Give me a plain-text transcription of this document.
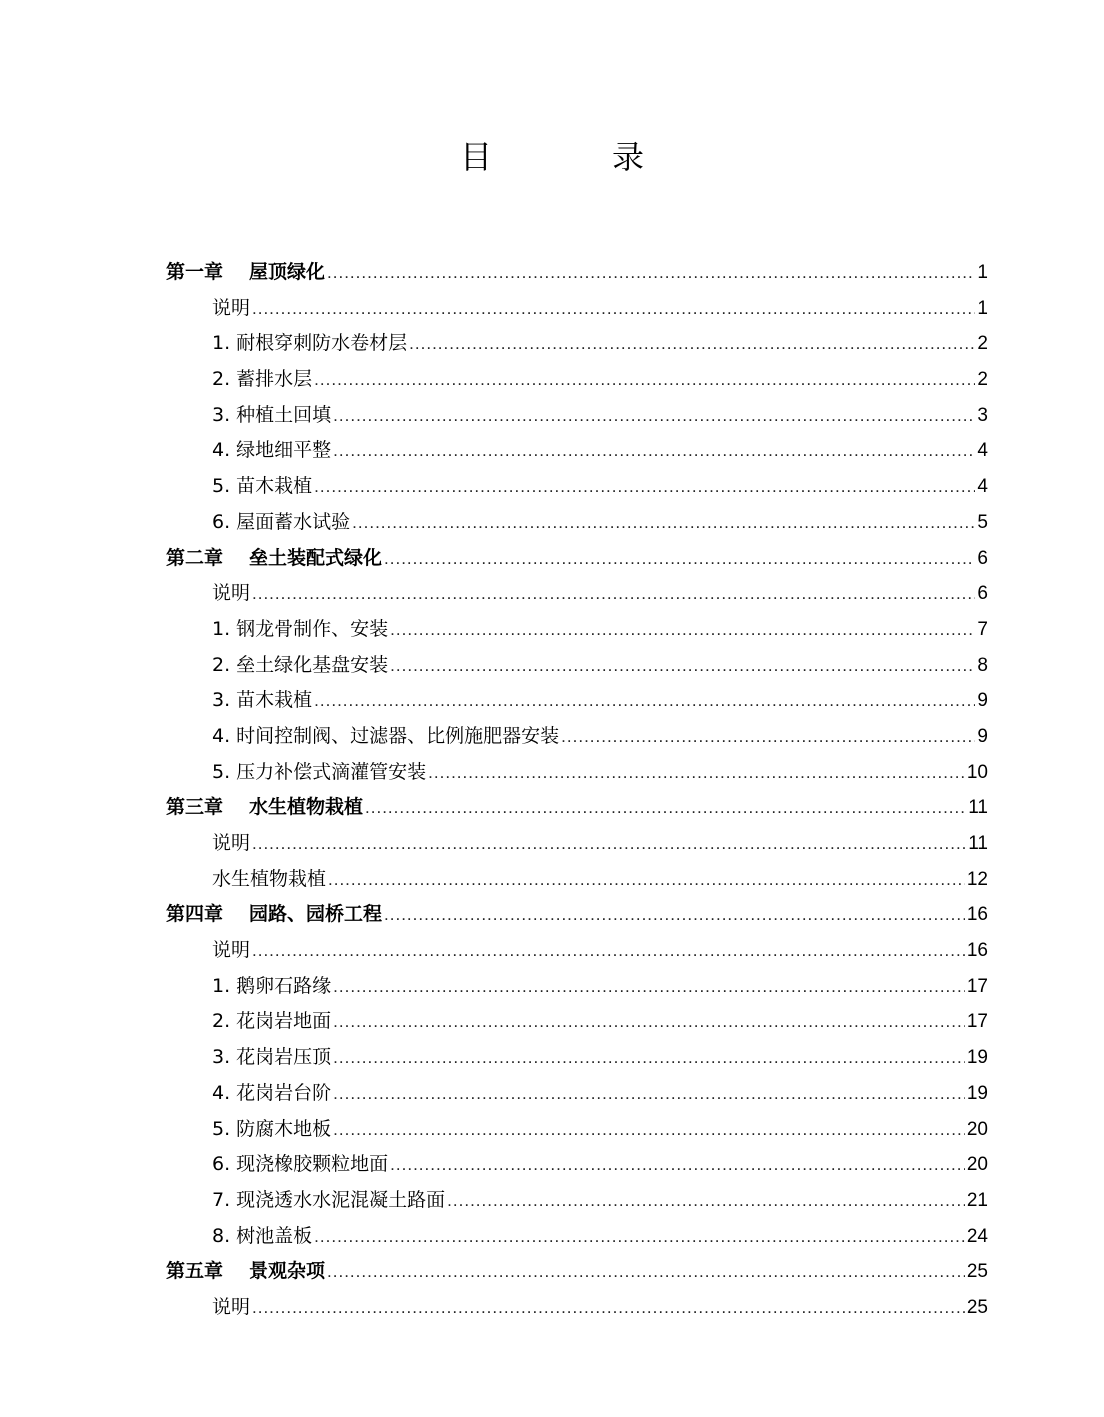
目　录
第一章 屋顶绿化 .....	1
说明 .....	1
1. 耐根穿刺防水卷材层 .....	2
2. 蓄排水层 .....	2
3. 种植土回填 .....	3
4. 绿地细平整 .....	4
5. 苗木栽植 .....	4
6. 屋面蓄水试验 .....	5
第二章 垒土装配式绿化 .....	6
说明 .....	6
1. 钢龙骨制作、安装 .....	7
2. 垒土绿化基盘安装 .....	8
3. 苗木栽植 .....	9
4. 时间控制阀、过滤器、比例施肥器安装 .....	9
5. 压力补偿式滴灌管安装 .....	10
第三章 水生植物栽植 .....	11
说明 .....	11
水生植物栽植 .....	12
第四章 园路、园桥工程 .....	16
说明 .....	16
1. 鹅卵石路缘 .....	17
2. 花岗岩地面 .....	17
3. 花岗岩压顶 .....	19
4. 花岗岩台阶 .....	19
5. 防腐木地板 .....	20
6. 现浇橡胶颗粒地面 .....	20
7. 现浇透水水泥混凝土路面 .....	21
8. 树池盖板 .....	24
第五章 景观杂项 .....	25
说明 .....	25
